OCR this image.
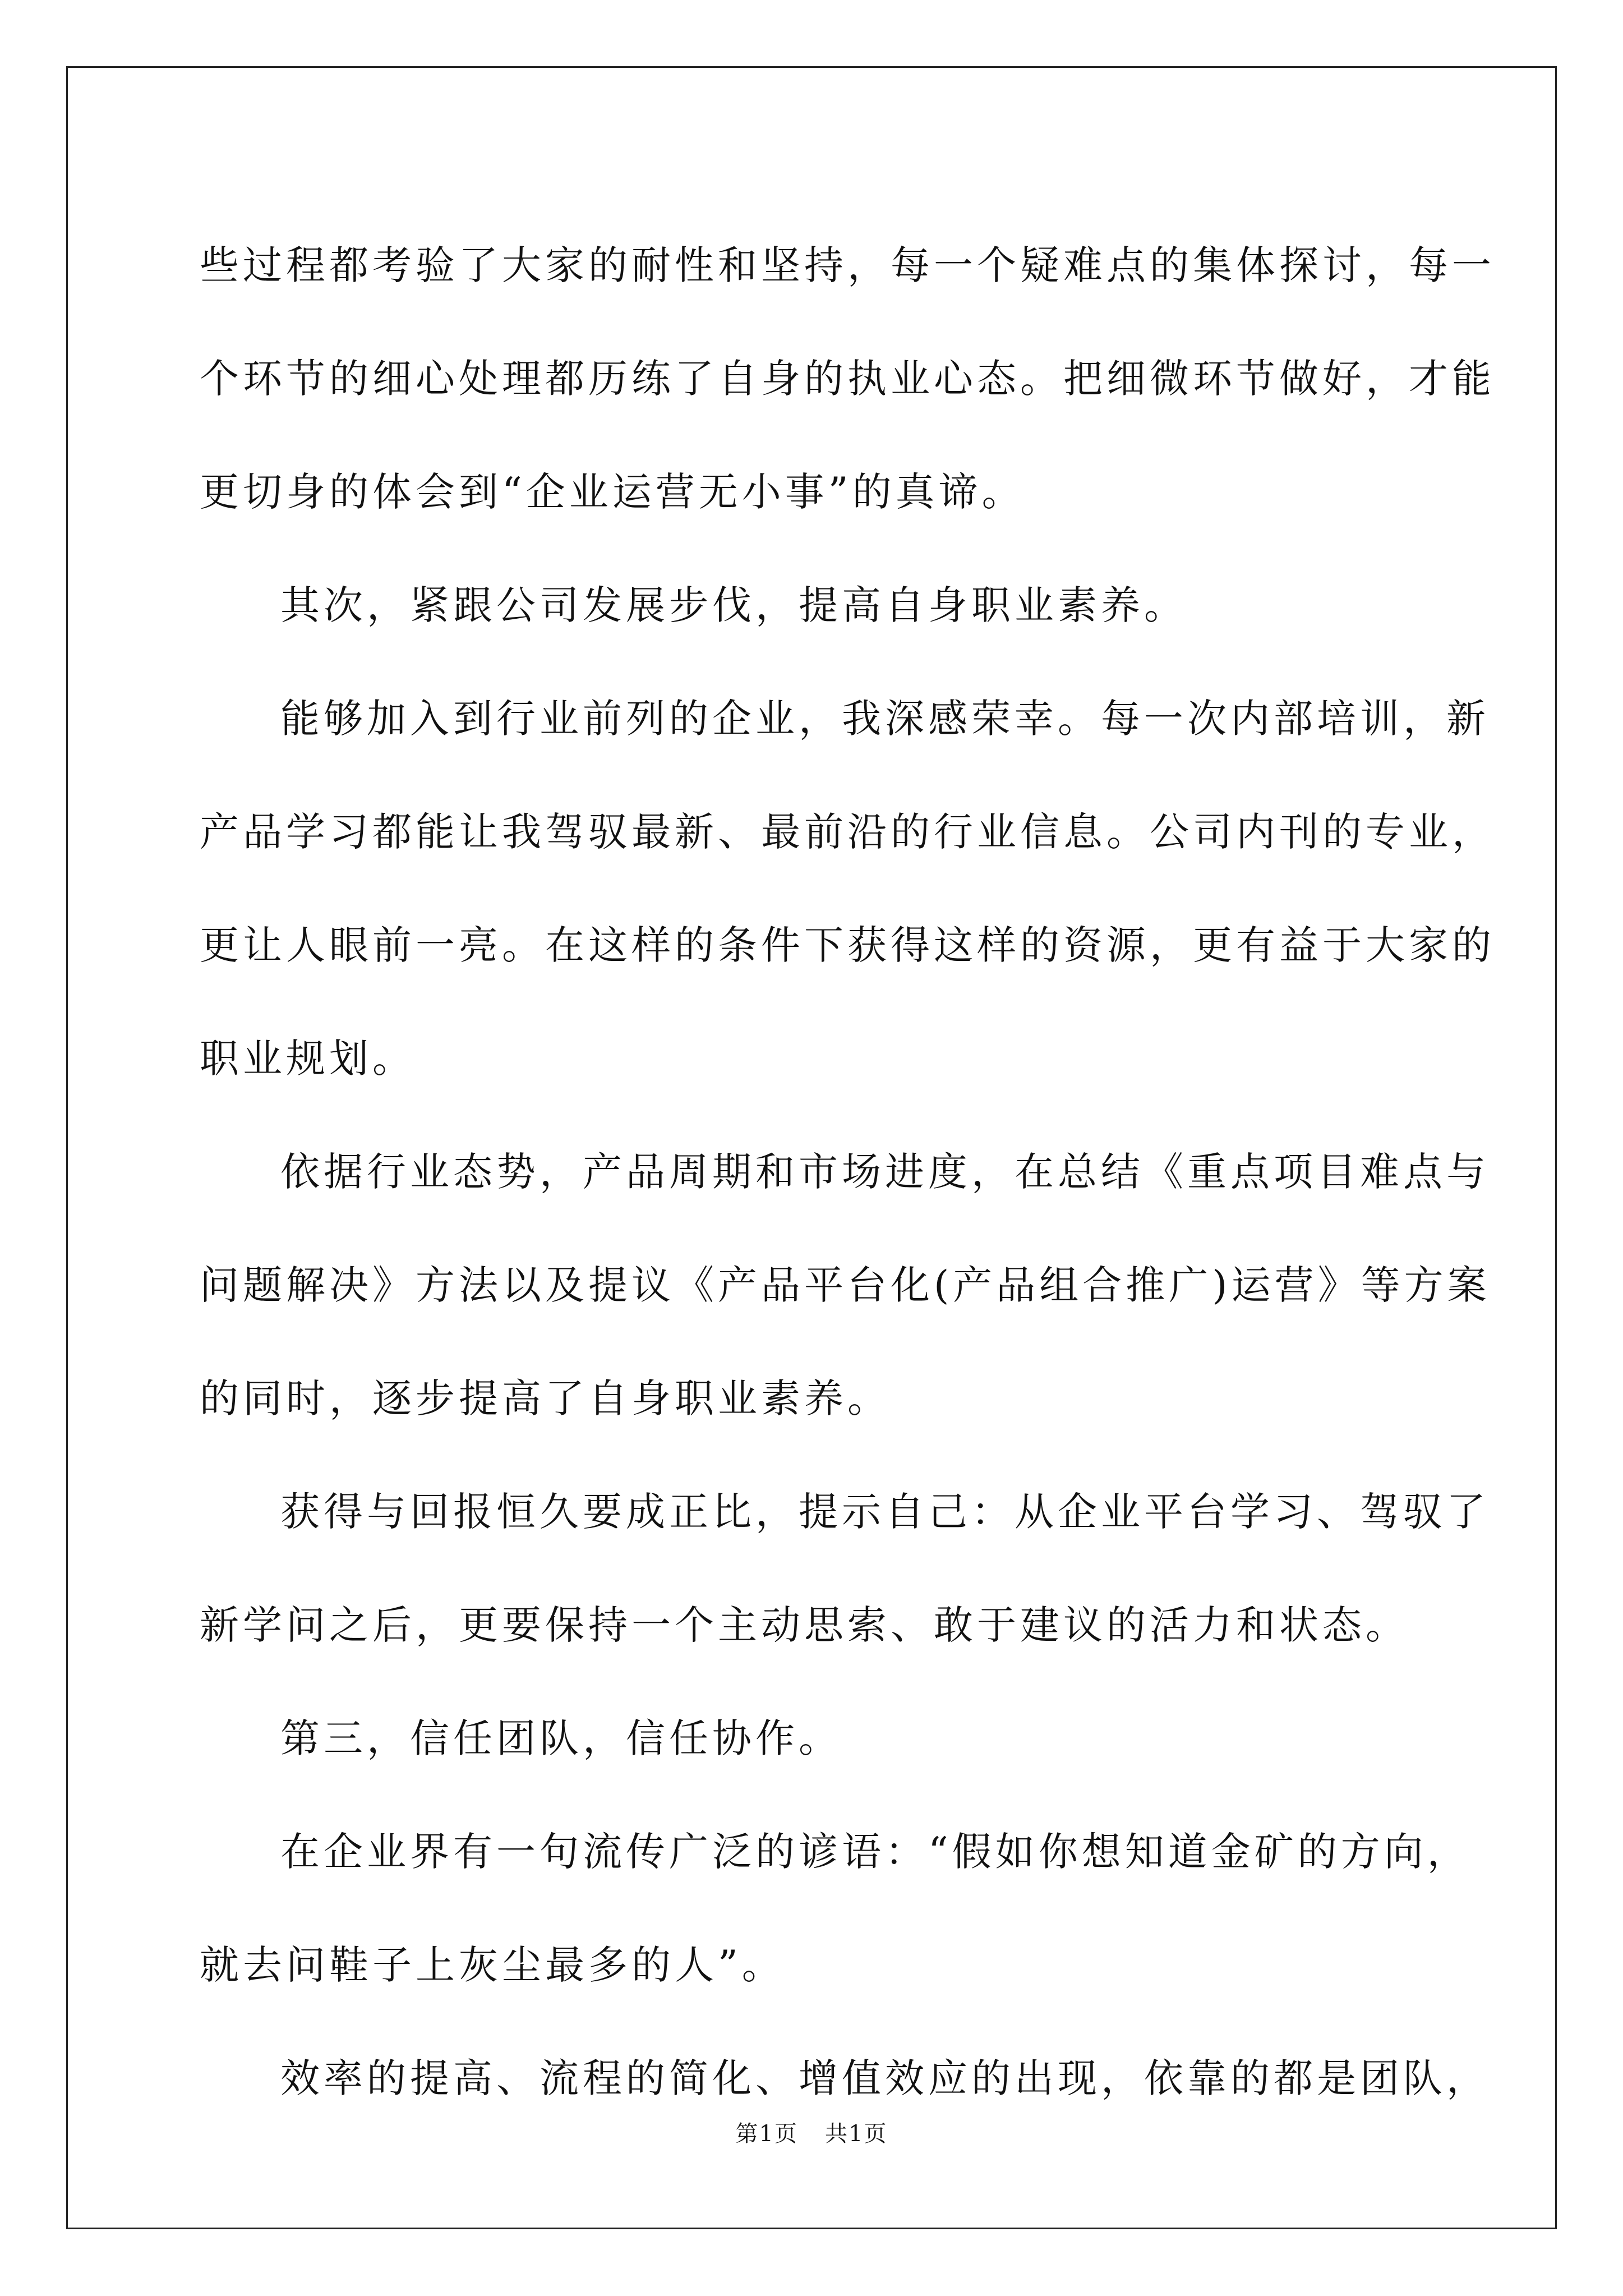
些过程都考验了大家的耐性和坚持，每一个疑难点的集体探讨，每一
个环节的细心处理都历练了自身的执业心态。把细微环节做好，才能
更切身的体会到“企业运营无小事”的真谛。
其次，紧跟公司发展步伐，提高自身职业素养。
能够加入到行业前列的企业，我深感荣幸。每一次内部培训，新
产品学习都能让我驾驭最新、最前沿的行业信息。公司内刊的专业，
更让人眼前一亮。在这样的条件下获得这样的资源，更有益于大家的
职业规划。
依据行业态势，产品周期和市场进度，在总结《重点项目难点与
问题解决》方法以及提议《产品平台化(产品组合推广)运营》等方案
的同时，逐步提高了自身职业素养。
获得与回报恒久要成正比，提示自己：从企业平台学习、驾驭了
新学问之后，更要保持一个主动思索、敢于建议的活力和状态。
第三，信任团队，信任协作。
在企业界有一句流传广泛的谚语：“假如你想知道金矿的方向，
就去问鞋子上灰尘最多的人”。
效率的提高、流程的简化、增值效应的出现，依靠的都是团队，
第1页 共1页
